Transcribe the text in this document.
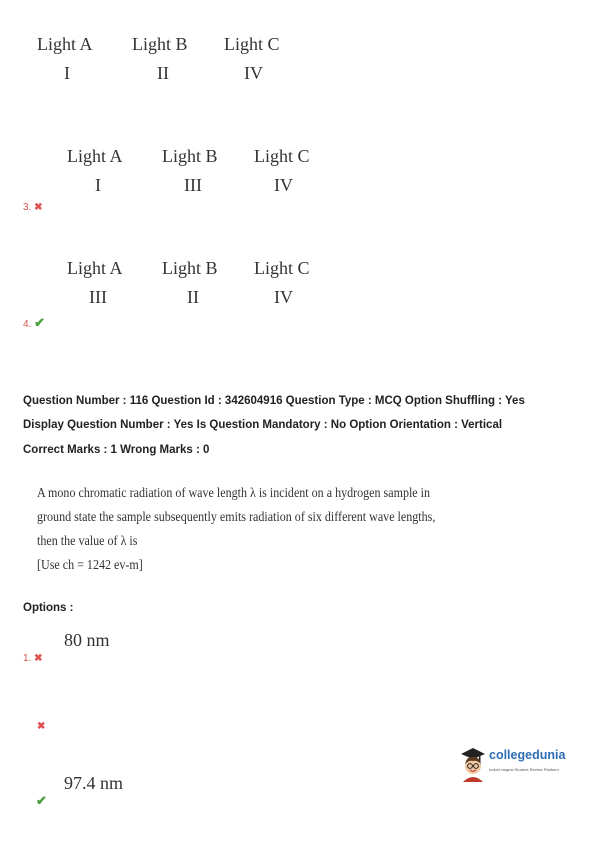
Light A	Light B	Light C
I	II	IV
Light A	Light B	Light C
I	III	IV
3. ✖
Light A	Light B	Light C
III	II	IV
4. ✔
Question Number : 116 Question Id : 342604916 Question Type : MCQ Option Shuffling : Yes
Display Question Number : Yes Is Question Mandatory : No Option Orientation : Vertical
Correct Marks : 1 Wrong Marks : 0
A mono chromatic radiation of wave length λ is incident on a hydrogen sample in
ground state the sample subsequently emits radiation of six different wave lengths,
then the value of λ is
[Use ch = 1242 ev-m]
Options :
80 nm
1. ✖
✖
97.4 nm
✔
collegedunia
India's largest Student Review Platform
